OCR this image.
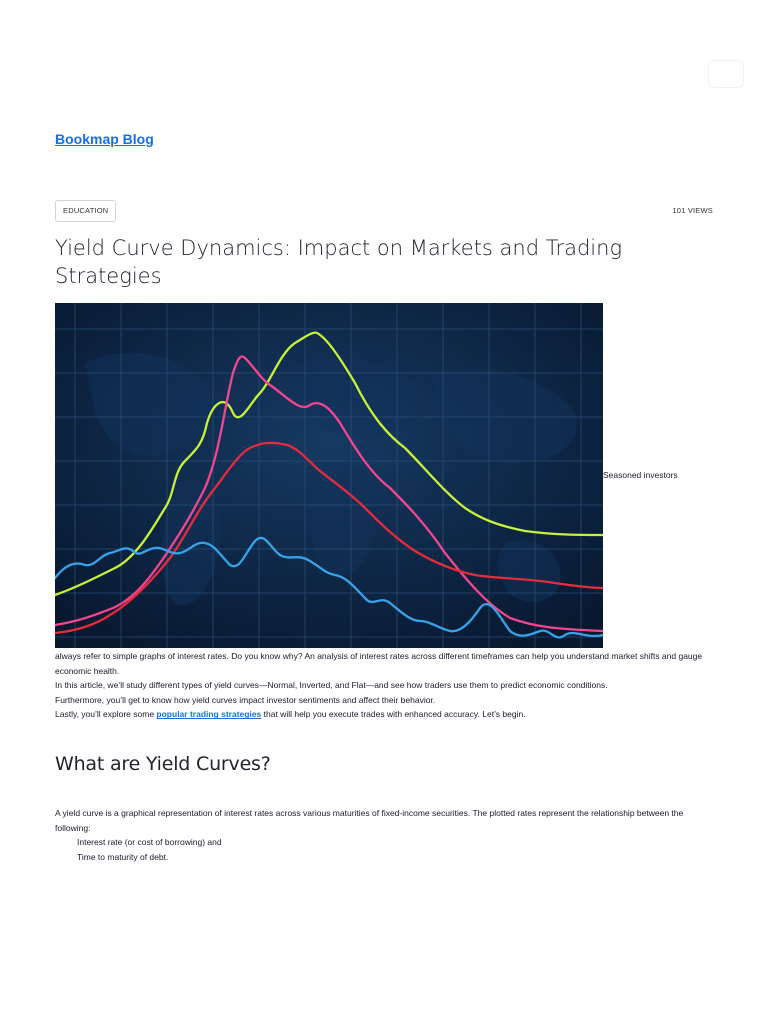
Bookmap Blog
EDUCATION	101 VIEWS
Yield Curve Dynamics: Impact on Markets and Trading Strategies
Seasoned investors

always refer to simple graphs of interest rates. Do you know why? An analysis of interest rates across different timeframes can help you understand market shifts and gauge economic health.

In this article, we’ll study different types of yield curves—Normal, Inverted, and Flat—and see how traders use them to predict economic conditions.

Furthermore, you’ll get to know how yield curves impact investor sentiments and affect their behavior.

Lastly, you’ll explore some popular trading strategies that will help you execute trades with enhanced accuracy. Let’s begin.

What are Yield Curves?

A yield curve is a graphical representation of interest rates across various maturities of fixed-income securities. The plotted rates represent the relationship between the following:

Interest rate (or cost of borrowing) and
Time to maturity of debt.
